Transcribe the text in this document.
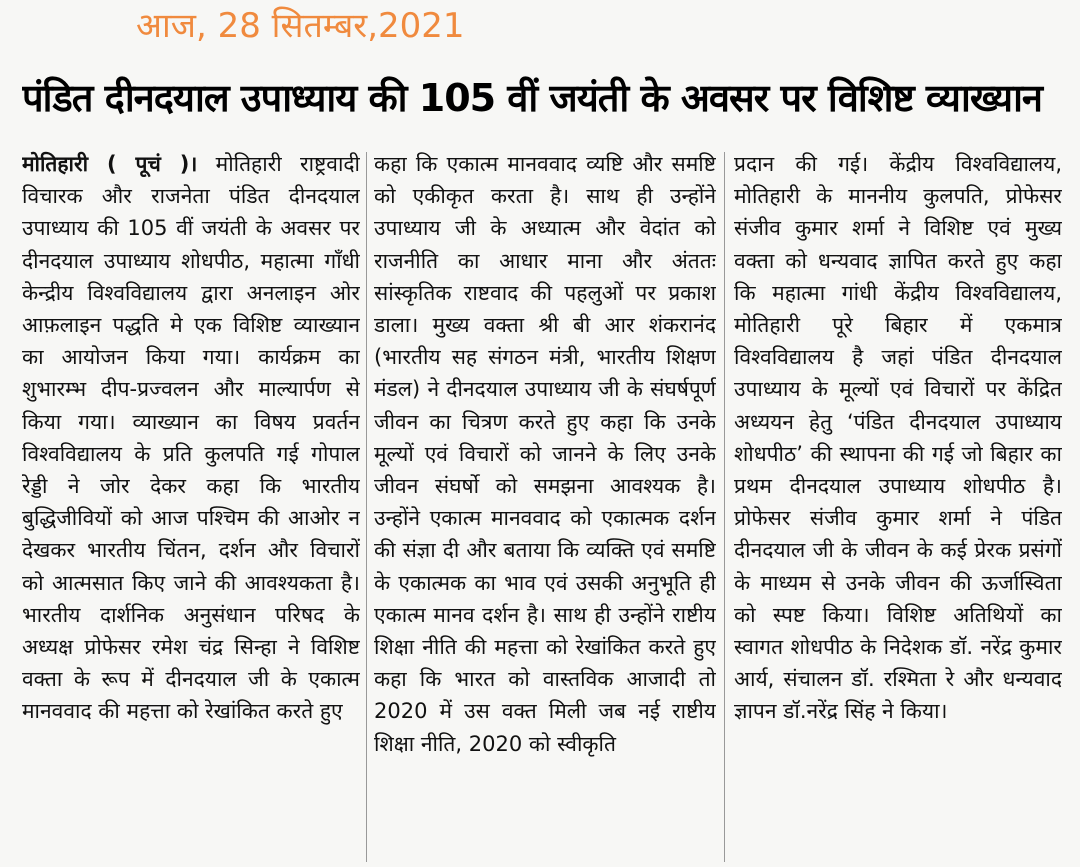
आज, 28 सितम्बर,2021
पंडित दीनदयाल उपाध्याय की 105 वीं जयंती के अवसर पर विशिष्ट व्याख्यान

मोतिहारी ( पूचं )। मोतिहारी राष्ट्रवादी विचारक और राजनेता पंडित दीनदयाल उपाध्याय की 105 वीं जयंती के अवसर पर दीनदयाल उपाध्याय शोधपीठ, महात्मा गाँधी केन्द्रीय विश्वविद्यालय द्वारा अनलाइन ओर आफ़लाइन पद्धति मे एक विशिष्ट व्याख्यान का आयोजन किया गया। कार्यक्रम का शुभारम्भ दीप-प्रज्वलन और माल्यार्पण से किया गया। व्याख्यान का विषय प्रवर्तन विश्वविद्यालय के प्रति कुलपति गई गोपाल रेड्डी ने जोर देकर कहा कि भारतीय बुद्धिजीवियों को आज पश्चिम की आओर न देखकर भारतीय चिंतन, दर्शन और विचारों को आत्मसात किए जाने की आवश्यकता है। भारतीय दार्शनिक अनुसंधान परिषद के अध्यक्ष प्रोफेसर रमेश चंद्र सिन्हा ने विशिष्ट वक्ता के रूप में दीनदयाल जी के एकात्म मानववाद की महत्ता को रेखांकित करते हुए

कहा कि एकात्म मानववाद व्यष्टि और समष्टि को एकीकृत करता है। साथ ही उन्होंने उपाध्याय जी के अध्यात्म और वेदांत को राजनीति का आधार माना और अंततः सांस्कृतिक राष्टवाद की पहलुओं पर प्रकाश डाला। मुख्य वक्ता श्री बी आर शंकरानंद (भारतीय सह संगठन मंत्री, भारतीय शिक्षण मंडल) ने दीनदयाल उपाध्याय जी के संघर्षपूर्ण जीवन का चित्रण करते हुए कहा कि उनके मूल्यों एवं विचारों को जानने के लिए उनके जीवन संघर्षो को समझना आवश्यक है। उन्होंने एकात्म मानववाद को एकात्मक दर्शन की संज्ञा दी और बताया कि व्यक्ति एवं समष्टि के एकात्मक का भाव एवं उसकी अनुभूति ही एकात्म मानव दर्शन है। साथ ही उन्होंने राष्टीय शिक्षा नीति की महत्ता को रेखांकित करते हुए कहा कि भारत को वास्तविक आजादी तो 2020 में उस वक्त मिली जब नई राष्टीय शिक्षा नीति, 2020 को स्वीकृति

प्रदान की गई। केंद्रीय विश्वविद्यालय, मोतिहारी के माननीय कुलपति, प्रोफेसर संजीव कुमार शर्मा ने विशिष्ट एवं मुख्य वक्ता को धन्यवाद ज्ञापित करते हुए कहा कि महात्मा गांधी केंद्रीय विश्वविद्यालय, मोतिहारी पूरे बिहार में एकमात्र विश्वविद्यालय है जहां पंडित दीनदयाल उपाध्याय के मूल्यों एवं विचारों पर केंद्रित अध्ययन हेतु ‘पंडित दीनदयाल उपाध्याय शोधपीठ’ की स्थापना की गई जो बिहार का प्रथम दीनदयाल उपाध्याय शोधपीठ है। प्रोफेसर संजीव कुमार शर्मा ने पंडित दीनदयाल जी के जीवन के कई प्रेरक प्रसंगों के माध्यम से उनके जीवन की ऊर्जास्विता को स्पष्ट किया। विशिष्ट अतिथियों का स्वागत शोधपीठ के निदेशक डॉ. नरेंद्र कुमार आर्य, संचालन डॉ. रश्मिता रे और धन्यवाद ज्ञापन डॉ.नरेंद्र सिंह ने किया।
